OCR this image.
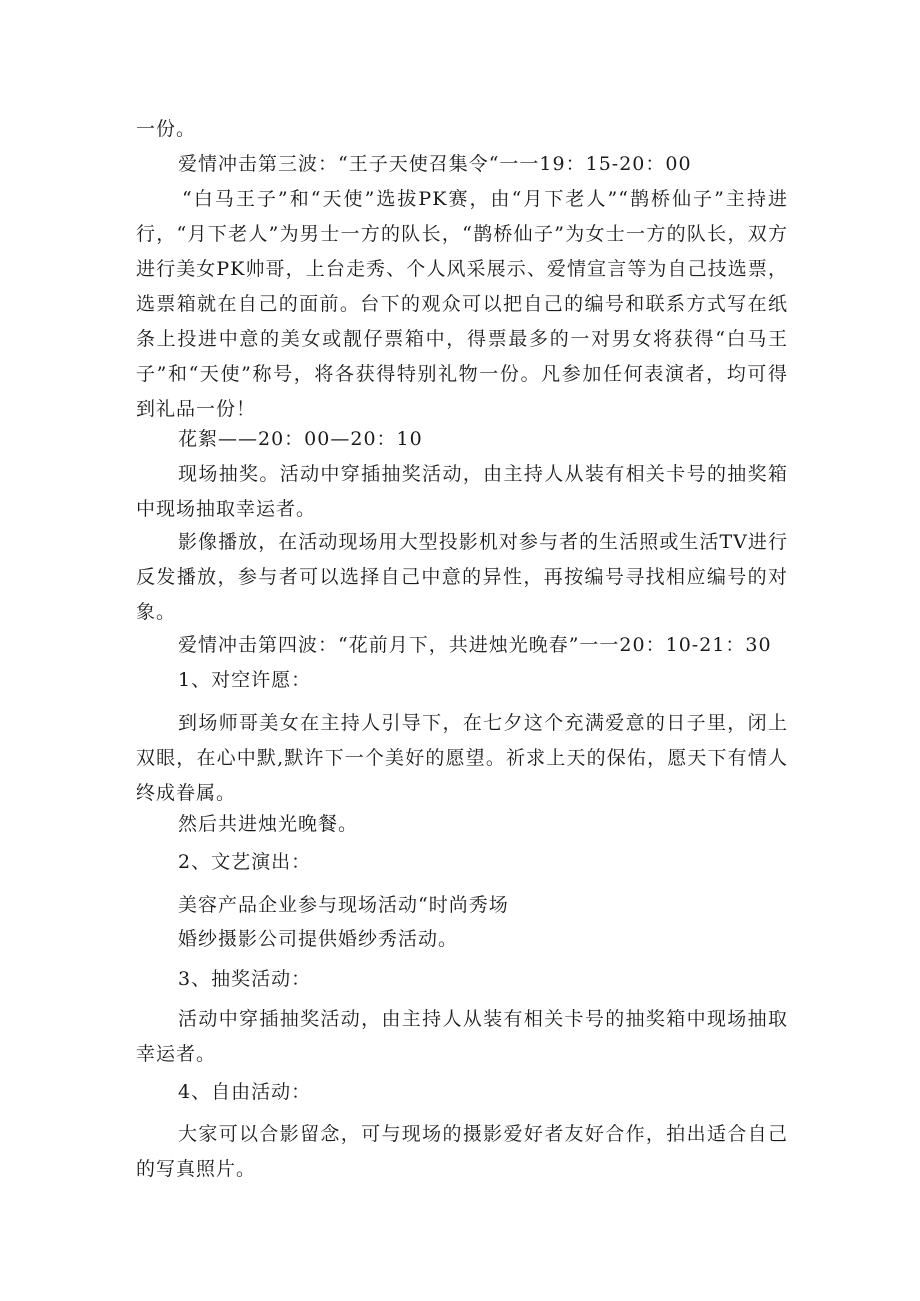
一份。

爱情冲击第三波：“王子天使召集令“一一19：15-20：00

“白马王子”和“天使”选拔PK赛，由“月下老人”“鹊桥仙子”主持进行，“月下老人”为男士一方的队长，“鹊桥仙子”为女士一方的队长，双方进行美女PK帅哥，上台走秀、个人风采展示、爱情宣言等为自己技选票，选票箱就在自己的面前。台下的观众可以把自己的编号和联系方式写在纸条上投进中意的美女或靓仔票箱中，得票最多的一对男女将获得“白马王子”和“天使”称号，将各获得特别礼物一份。凡参加任何表演者，均可得到礼品一份！

花絮——20：00—20：10

现场抽奖。活动中穿插抽奖活动，由主持人从装有相关卡号的抽奖箱中现场抽取幸运者。

影像播放，在活动现场用大型投影机对参与者的生活照或生活TV进行反发播放，参与者可以选择自己中意的异性，再按编号寻找相应编号的对象。

爱情冲击第四波：“花前月下，共进烛光晚春”一一20：10-21：30

1、对空许愿：

到场师哥美女在主持人引导下，在七夕这个充满爱意的日子里，闭上双眼，在心中默,默许下一个美好的愿望。祈求上天的保佑，愿天下有情人终成眷属。

然后共进烛光晚餐。

2、文艺演出：

美容产品企业参与现场活动“时尚秀场

婚纱摄影公司提供婚纱秀活动。

3、抽奖活动：

活动中穿插抽奖活动，由主持人从装有相关卡号的抽奖箱中现场抽取幸运者。

4、自由活动：

大家可以合影留念，可与现场的摄影爱好者友好合作，拍出适合自己的写真照片。
